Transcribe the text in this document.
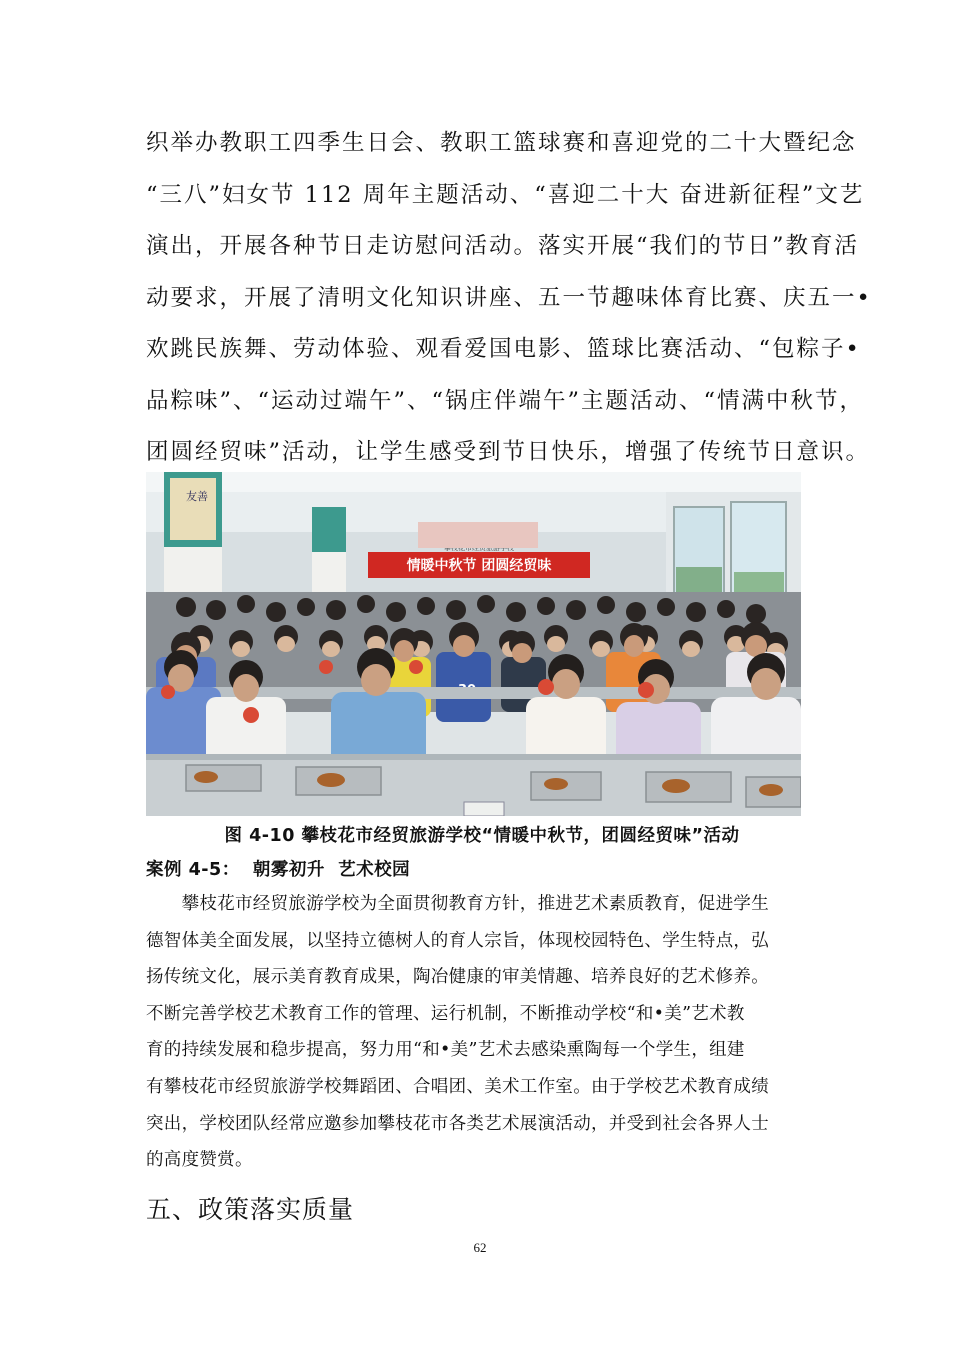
织举办教职工四季生日会、教职工篮球赛和喜迎党的二十大暨纪念

“三八”妇女节 112 周年主题活动、“喜迎二十大 奋进新征程”文艺

演出，开展各种节日走访慰问活动。落实开展“我们的节日”教育活

动要求，开展了清明文化知识讲座、五一节趣味体育比赛、庆五一•

欢跳民族舞、劳动体验、观看爱国电影、篮球比赛活动、“包粽子•

品粽味”、“运动过端午”、“锅庄伴端午”主题活动、“情满中秋节，

团圆经贸味”活动，让学生感受到节日快乐，增强了传统节日意识。

友善
情暖中秋节 团圆经贸味
图 4-10 攀枝花市经贸旅游学校“情暖中秋节，团圆经贸味”活动
案例 4-5：  朝雾初升  艺术校园

　　攀枝花市经贸旅游学校为全面贯彻教育方针，推进艺术素质教育，促进学生

德智体美全面发展，以坚持立德树人的育人宗旨，体现校园特色、学生特点，弘

扬传统文化，展示美育教育成果，陶冶健康的审美情趣、培养良好的艺术修养。

不断完善学校艺术教育工作的管理、运行机制，不断推动学校“和•美”艺术教

育的持续发展和稳步提高，努力用“和•美”艺术去感染熏陶每一个学生，组建

有攀枝花市经贸旅游学校舞蹈团、合唱团、美术工作室。由于学校艺术教育成绩

突出，学校团队经常应邀参加攀枝花市各类艺术展演活动，并受到社会各界人士

的高度赞赏。

五、政策落实质量
62
